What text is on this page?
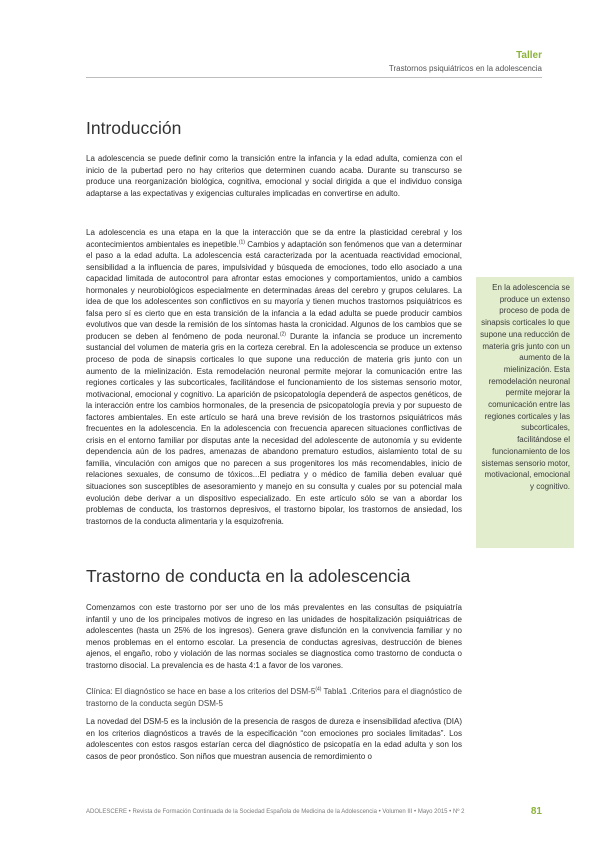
Taller
Trastornos psiquiátricos en la adolescencia
Introducción

La adolescencia se puede definir como la transición entre la infancia y la edad adulta, comienza con el inicio de la pubertad pero no hay criterios que determinen cuando acaba. Durante su transcurso se produce una reorganización biológica, cognitiva, emocional y social dirigida a que el individuo consiga adaptarse a las expectativas y exigencias culturales implicadas en convertirse en adulto.

La adolescencia es una etapa en la que la interacción que se da entre la plasticidad cerebral y los acontecimientos ambientales es inepetible.$^{(1)}$ Cambios y adaptación son fenómenos que van a determinar el paso a la edad adulta. La adolescencia está caracterizada por la acentuada reactividad emocional, sensibilidad a la influencia de pares, impulsividad y búsqueda de emociones, todo ello asociado a una capacidad limitada de autocontrol para afrontar estas emociones y comportamientos, unido a cambios hormonales y neurobiológicos especialmente en determinadas áreas del cerebro y grupos celulares. La idea de que los adolescentes son conflictivos en su mayoría y tienen muchos trastornos psiquiátricos es falsa pero sí es cierto que en esta transición de la infancia a la edad adulta se puede producir cambios evolutivos que van desde la remisión de los síntomas hasta la cronicidad. Algunos de los cambios que se producen se deben al fenómeno de poda neuronal.$^{(2)}$ Durante la infancia se produce un incremento sustancial del volumen de materia gris en la corteza cerebral. En la adolescencia se produce un extenso proceso de poda de sinapsis corticales lo que supone una reducción de materia gris junto con un aumento de la mielinización. Esta remodelación neuronal permite mejorar la comunicación entre las regiones corticales y las subcorticales, facilitándose el funcionamiento de los sistemas sensorio motor, motivacional, emocional y cognitivo. La aparición de psicopatología dependerá de aspectos genéticos, de la interacción entre los cambios hormonales, de la presencia de psicopatología previa y por supuesto de factores ambientales. En este artículo se hará una breve revisión de los trastornos psiquiátricos más frecuentes en la adolescencia. En la adolescencia con frecuencia aparecen situaciones conflictivas de crisis en el entorno familiar por disputas ante la necesidad del adolescente de autonomía y su evidente dependencia aún de los padres, amenazas de abandono prematuro estudios, aislamiento total de su familia, vinculación con amigos que no parecen a sus progenitores los más recomendables, inicio de relaciones sexuales, de consumo de tóxicos...El pediatra y o médico de familia deben evaluar qué situaciones son susceptibles de asesoramiento y manejo en su consulta y cuales por su potencial mala evolución debe derivar a un dispositivo especializado. En este artículo sólo se van a abordar los problemas de conducta, los trastornos depresivos, el trastorno bipolar, los trastornos de ansiedad, los trastornos de la conducta alimentaria y la esquizofrenia.

En la adolescencia se produce un extenso proceso de poda de sinapsis corticales lo que supone una reducción de materia gris junto con un aumento de la mielinización. Esta remodelación neuronal permite mejorar la comunicación entre las regiones corticales y las subcorticales, facilitándose el funcionamiento de los sistemas sensorio motor, motivacional, emocional y cognitivo.

Trastorno de conducta en la adolescencia

Comenzamos con este trastorno por ser uno de los más prevalentes en las consultas de psiquiatría infantil y uno de los principales motivos de ingreso en las unidades de hospitalización psiquiátricas de adolescentes (hasta un 25% de los ingresos). Genera grave disfunción en la convivencia familiar y no menos problemas en el entorno escolar. La presencia de conductas agresivas, destrucción de bienes ajenos, el engaño, robo y violación de las normas sociales se diagnostica como trastorno de conducta o trastorno disocial. La prevalencia es de hasta 4:1 a favor de los varones.

Clínica: El diagnóstico se hace en base a los criterios del DSM-5$^{(4)}$ Tabla1 .Criterios para el diagnóstico de trastorno de la conducta según DSM-5

La novedad del DSM-5 es la inclusión de la presencia de rasgos de dureza e insensibilidad afectiva (DIA) en los criterios diagnósticos a través de la especificación “con emociones pro sociales limitadas”. Los adolescentes con estos rasgos estarían cerca del diagnóstico de psicopatía en la edad adulta y son los casos de peor pronóstico. Son niños que muestran ausencia de remordimiento o

ADOLESCERE • Revista de Formación Continuada de la Sociedad Española de Medicina de la Adolescencia • Volumen III • Mayo 2015 • Nº 2	81
